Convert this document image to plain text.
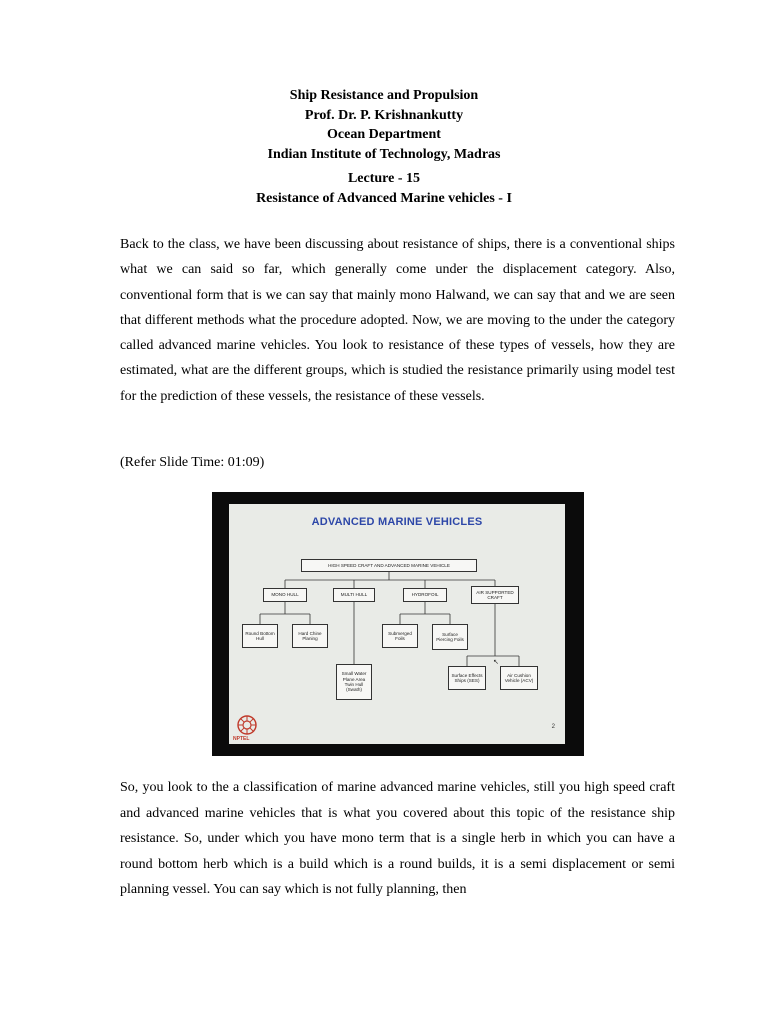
Ship Resistance and Propulsion
Prof. Dr. P. Krishnankutty
Ocean Department
Indian Institute of Technology, Madras
Lecture - 15
Resistance of Advanced Marine vehicles - I

Back to the class, we have been discussing about resistance of ships, there is a conventional ships what we can said so far, which generally come under the displacement category. Also, conventional form that is we can say that mainly mono Halwand, we can say that and we are seen that different methods what the procedure adopted. Now, we are moving to the under the category called advanced marine vehicles. You look to resistance of these types of vessels, how they are estimated, what are the different groups, which is studied the resistance primarily using model test for the prediction of these vessels, the resistance of these vessels.

(Refer Slide Time: 01:09)

ADVANCED MARINE VEHICLES
HIGH SPEED CRAFT AND ADVANCED MARINE VEHICLE
MONO HULL	MULTI HULL	HYDROFOIL
AIR SUPPORTED CRAFT
Round Bottom Hull
Hard Chine Planing
Submerged Foils
Surface Piercing Foils
Small Water Plane Area Twin Hull (Swath)
Surface Effects Ships (SES)
Air Cushion Vehicle (ACV)
↖
NPTEL
2

So, you look to the a classification of marine advanced marine vehicles, still you high speed craft and advanced marine vehicles that is what you covered about this topic of the resistance ship resistance. So, under which you have mono term that is a single herb in which you can have a round bottom herb which is a build which is a round builds, it is a semi displacement or semi planning vessel. You can say which is not fully planning, then
